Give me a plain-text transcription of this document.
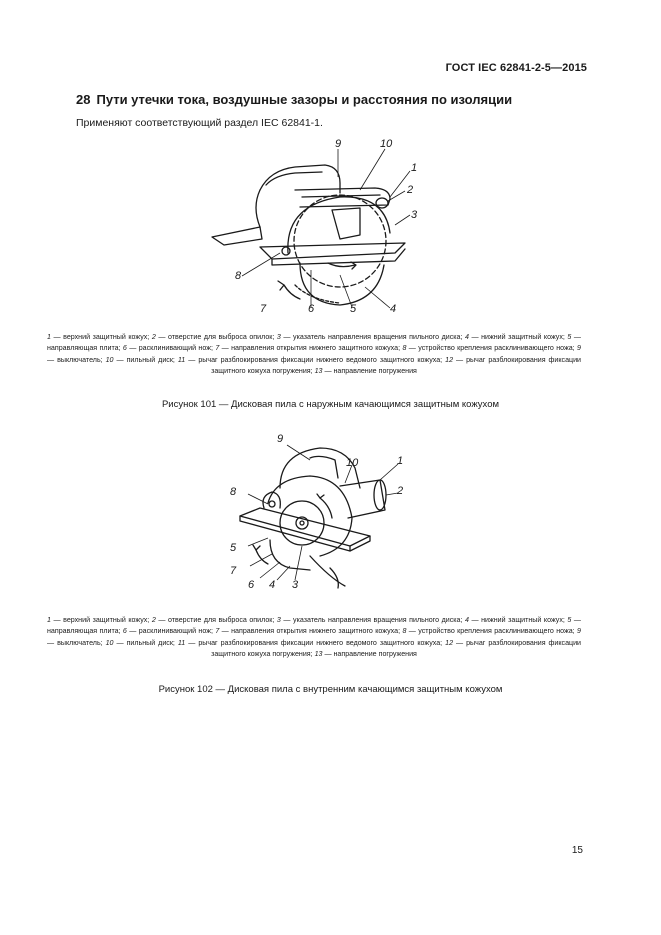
ГОСТ IEC 62841-2-5—2015
28 Пути утечки тока, воздушные зазоры и расстояния по изоляции
Применяют соответствующий раздел IEC 62841-1.
9	10
1
2
3
4
5
6
7
8
1 — верхний защитный кожух; 2 — отверстие для выброса опилок; 3 — указатель направления вращения пильного диска; 4 — нижний защитный кожух; 5 — направляющая плита; 6 — расклинивающий нож; 7 — направления открытия нижнего защитного кожуха; 8 — устройство крепления расклинивающего ножа; 9 — выключатель; 10 — пильный диск; 11 — рычаг разблокирования фиксации нижнего ведомого защитного кожуха; 12 — рычаг разблокирования фиксации защитного кожуха погружения; 13 — направление погружения
Рисунок 101 — Дисковая пила с наружным качающимся защитным кожухом
9
10	1
2
8
5
7
6 4 3
1 — верхний защитный кожух; 2 — отверстие для выброса опилок; 3 — указатель направления вращения пильного диска; 4 — нижний защитный кожух; 5 — направляющая плита; 6 — расклинивающий нож; 7 — направления открытия нижнего защитного кожуха; 8 — устройство крепления расклинивающего ножа; 9 — выключатель; 10 — пильный диск; 11 — рычаг разблокирования фиксации нижнего ведомого защитного кожуха; 12 — рычаг разблокирования фиксации защитного кожуха погружения; 13 — направление погружения
Рисунок 102 — Дисковая пила с внутренним качающимся защитным кожухом
15
